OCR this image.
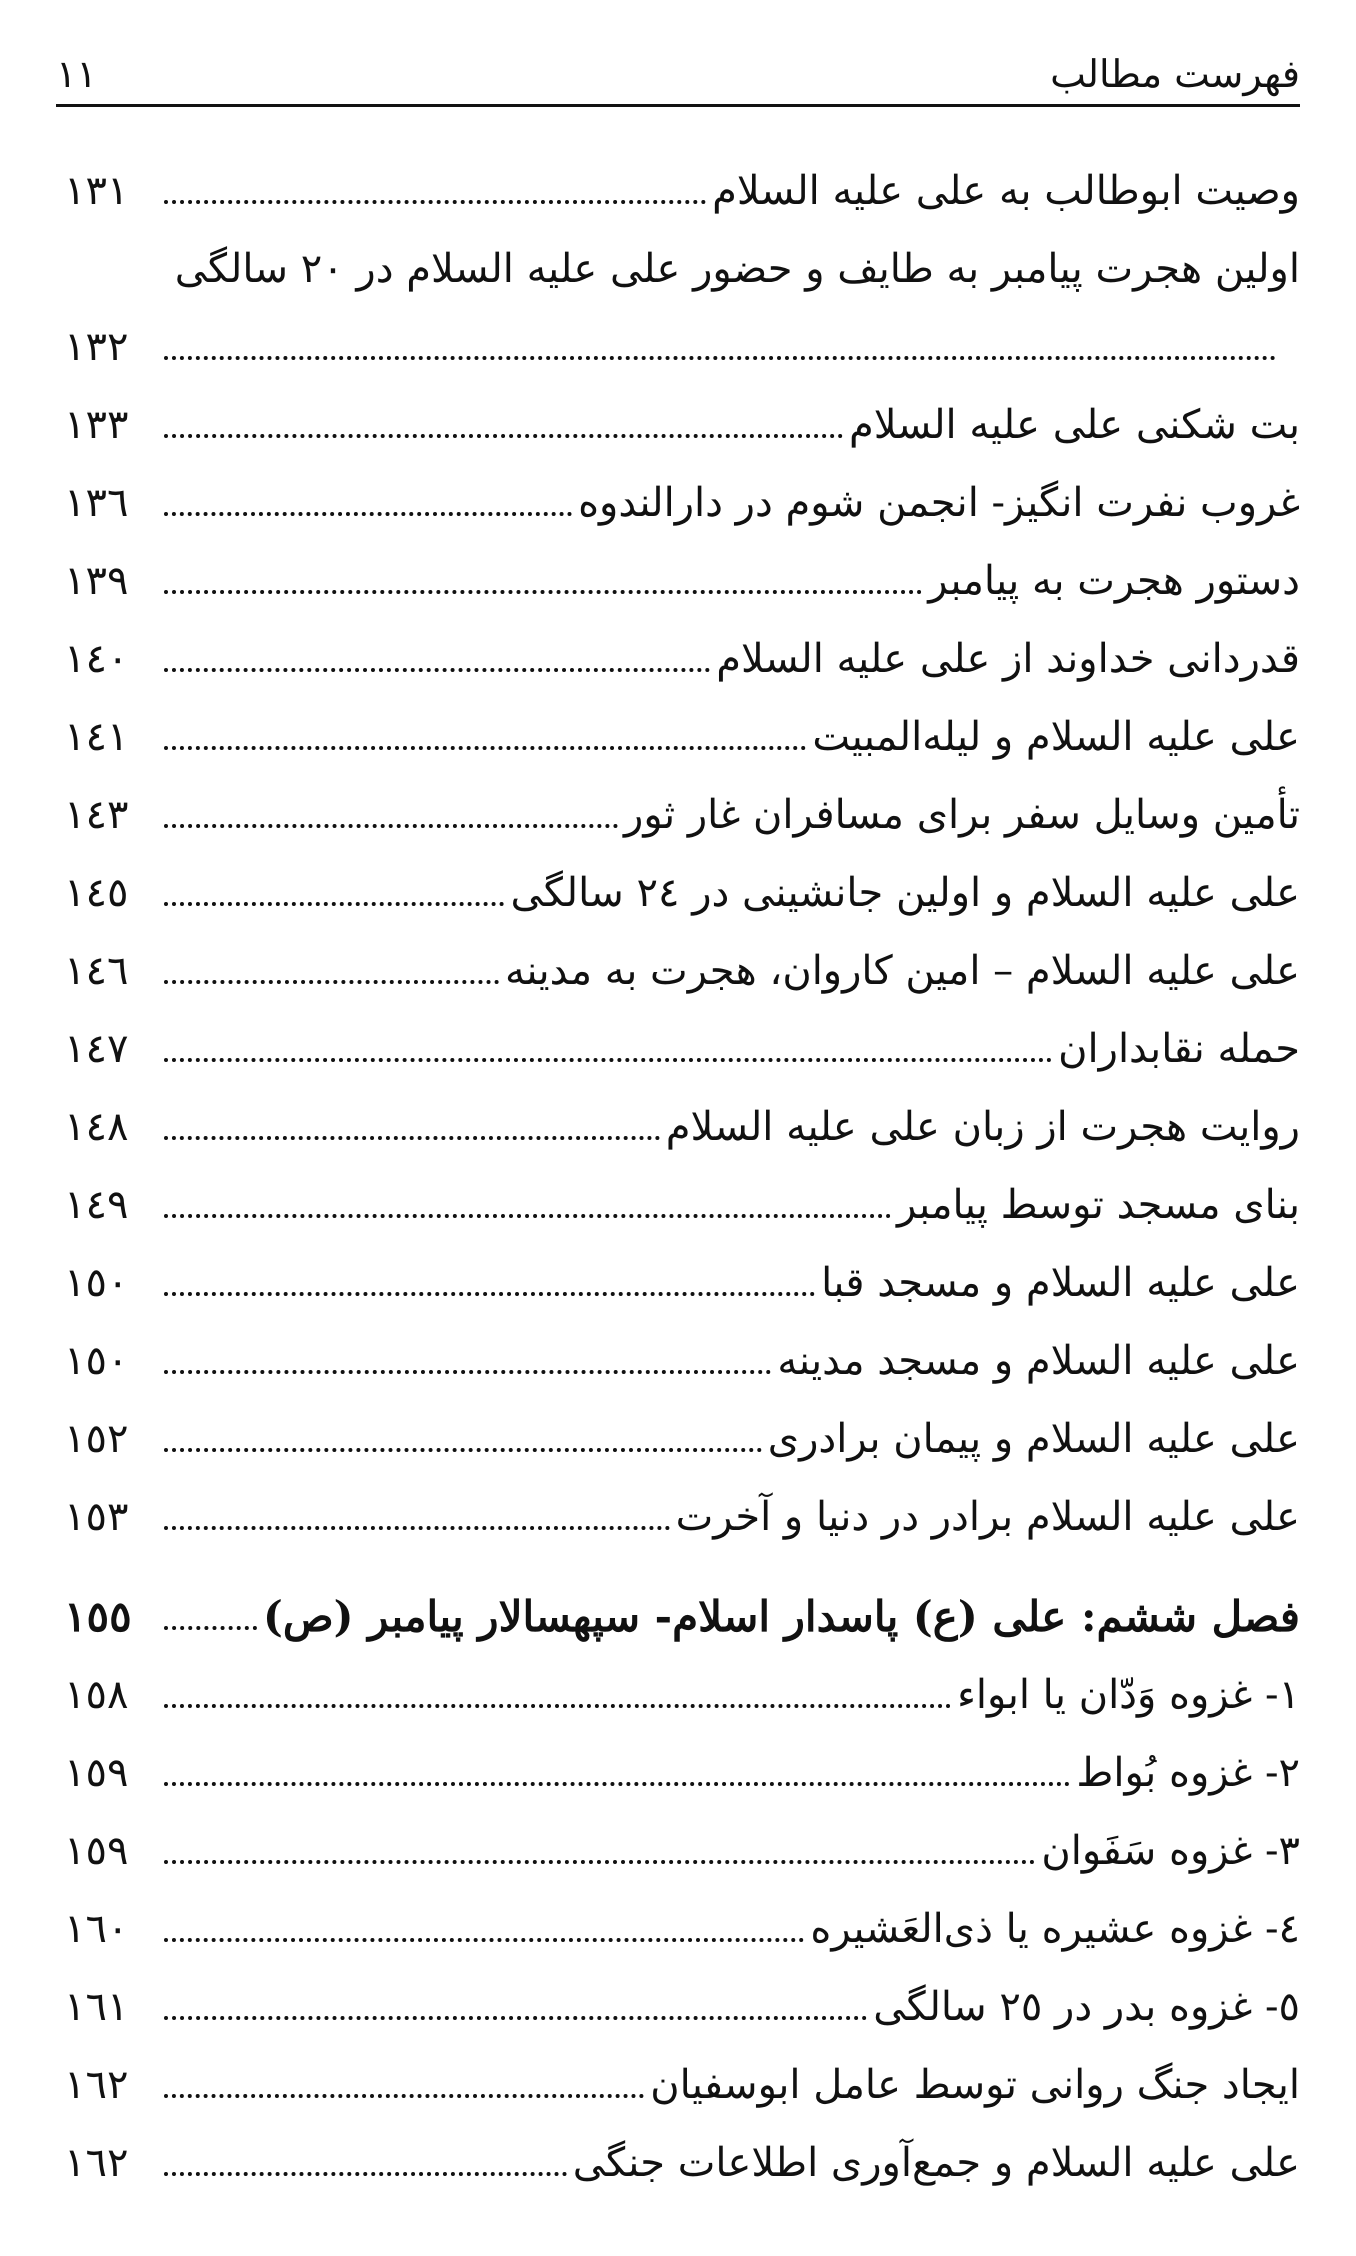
فهرست مطالب
١١
وصیت ابوطالب به علی علیه السلام
١٣١
اولین هجرت پیامبر به طایف و حضور علی علیه السلام در ٢٠ سالگی
١٣٢
بت شکنی علی علیه السلام
١٣٣
غروب نفرت انگیز- انجمن شوم در دارالندوه
١٣٦
دستور هجرت به پیامبر
١٣٩
قدردانی خداوند از علی علیه السلام
١٤٠
علی علیه السلام و لیله‌المبیت
١٤١
تأمین وسایل سفر برای مسافران غار ثور
١٤٣
علی علیه السلام و اولین جانشینی در ٢٤ سالگی
١٤٥
علی علیه السلام – امین کاروان، هجرت به مدینه
١٤٦
حمله نقابداران
١٤٧
روایت هجرت از زبان علی علیه السلام
١٤٨
بنای مسجد توسط پیامبر
١٤٩
علی علیه السلام و مسجد قبا
١٥٠
علی علیه السلام و مسجد مدینه
١٥٠
علی علیه السلام و پیمان برادری
١٥٢
علی علیه السلام برادر در دنیا و آخرت
١٥٣
فصل ششم: علی (ع) پاسدار اسلام- سپهسالار پیامبر (ص)
١٥٥
١- غزوه وَدّان یا ابواء
١٥٨
٢- غزوه بُواط
١٥٩
٣- غزوه سَفَوان
١٥٩
٤- غزوه عشیره یا ذی‌العَشیره
١٦٠
٥- غزوه بدر در ٢٥ سالگی
١٦١
ایجاد جنگ روانی توسط عامل ابوسفیان
١٦٢
علی علیه السلام و جمع‌آوری اطلاعات جنگی
١٦٢
